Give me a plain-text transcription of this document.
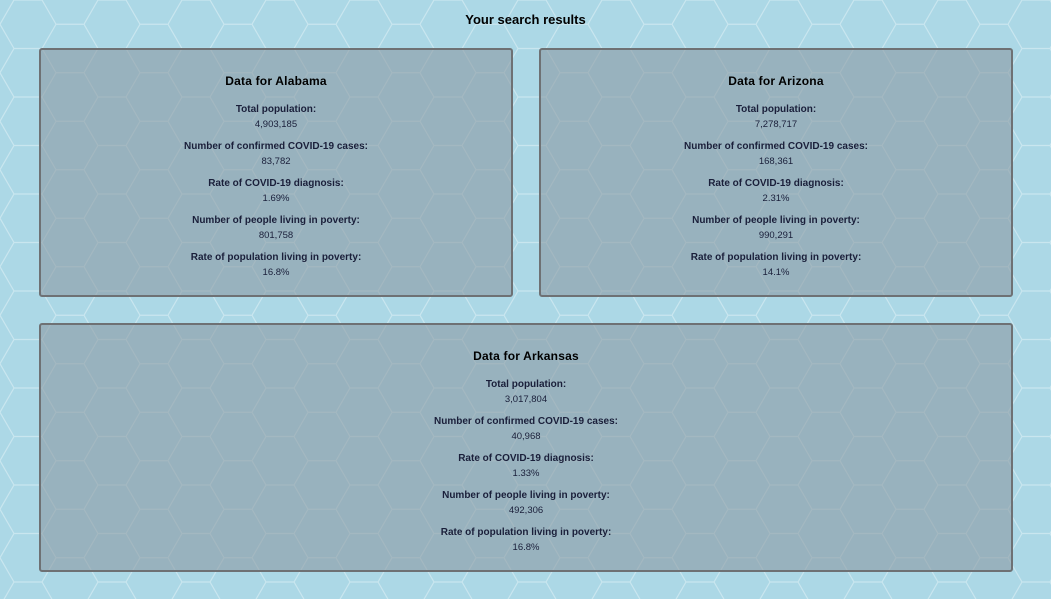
Your search results
Data for Alabama
Total population:
4,903,185
Number of confirmed COVID-19 cases:
83,782
Rate of COVID-19 diagnosis:
1.69%
Number of people living in poverty:
801,758
Rate of population living in poverty:
16.8%
Data for Arizona
Total population:
7,278,717
Number of confirmed COVID-19 cases:
168,361
Rate of COVID-19 diagnosis:
2.31%
Number of people living in poverty:
990,291
Rate of population living in poverty:
14.1%
Data for Arkansas
Total population:
3,017,804
Number of confirmed COVID-19 cases:
40,968
Rate of COVID-19 diagnosis:
1.33%
Number of people living in poverty:
492,306
Rate of population living in poverty:
16.8%
